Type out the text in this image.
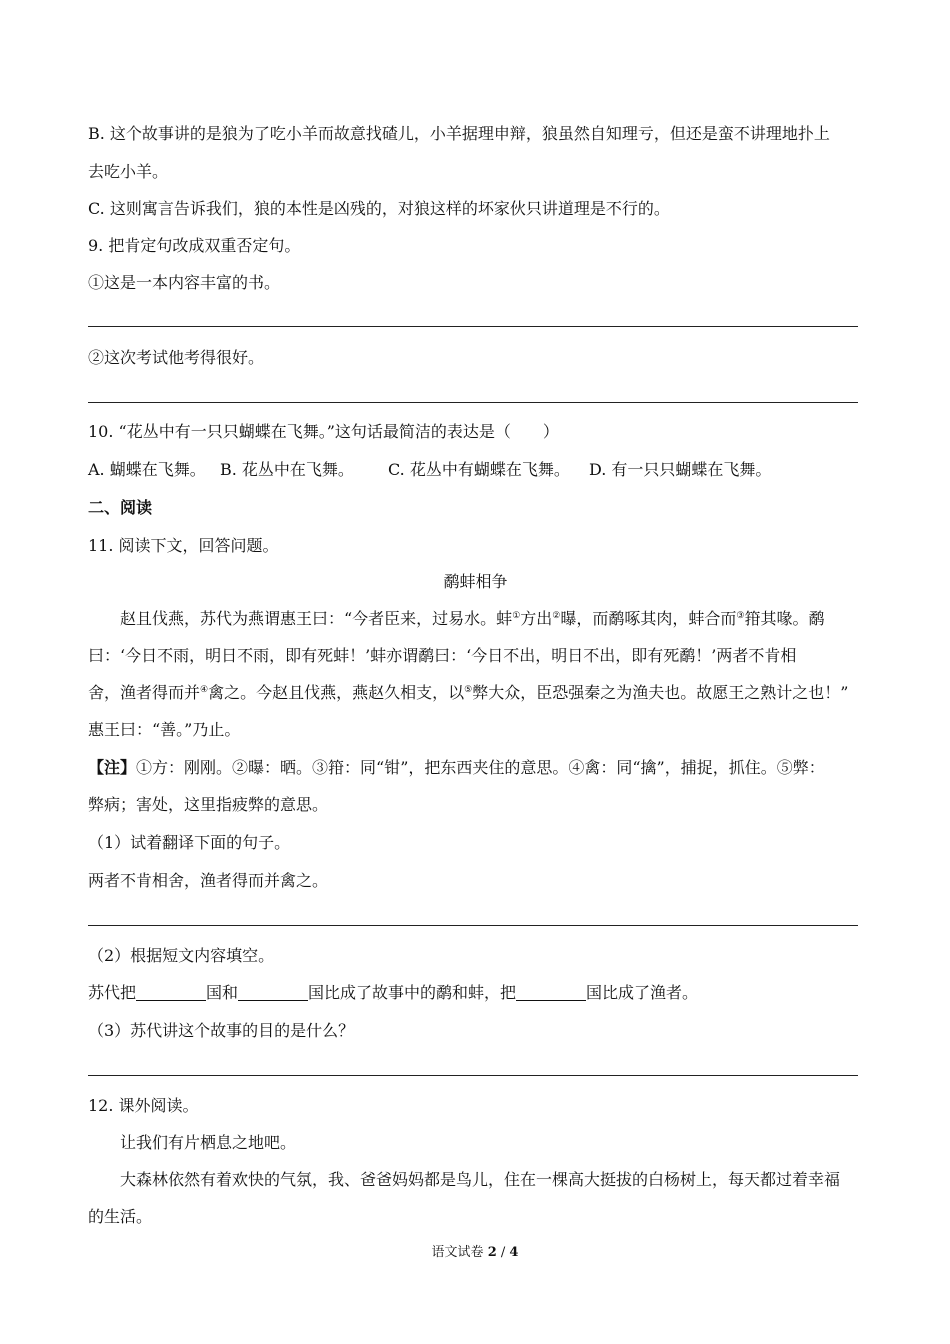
B. 这个故事讲的是狼为了吃小羊而故意找碴儿，小羊据理申辩，狼虽然自知理亏，但还是蛮不讲理地扑上
去吃小羊。
C. 这则寓言告诉我们，狼的本性是凶残的，对狼这样的坏家伙只讲道理是不行的。
9. 把肯定句改成双重否定句。
①这是一本内容丰富的书。
②这次考试他考得很好。
10. “花丛中有一只只蝴蝶在飞舞。”这句话最简洁的表达是（　　）
A. 蝴蝶在飞舞。 B. 花丛中在飞舞。 C. 花丛中有蝴蝶在飞舞。 D. 有一只只蝴蝶在飞舞。
二、阅读
11. 阅读下文，回答问题。
鹬蚌相争
赵且伐燕，苏代为燕谓惠王曰：“今者臣来，过易水。蚌①方出②曝，而鹬啄其肉，蚌合而③箝其喙。鹬
曰：‘今日不雨，明日不雨，即有死蚌！’蚌亦谓鹬曰：‘今日不出，明日不出，即有死鹬！’两者不肯相
舍，渔者得而并④禽之。今赵且伐燕，燕赵久相支，以⑤弊大众，臣恐强秦之为渔夫也。故愿王之熟计之也！”
惠王曰：“善。”乃止。
【注】①方：刚刚。②曝：晒。③箝：同“钳”，把东西夹住的意思。④禽：同“擒”，捕捉，抓住。⑤弊：
弊病；害处，这里指疲弊的意思。
（1）试着翻译下面的句子。
两者不肯相舍，渔者得而并禽之。
（2）根据短文内容填空。
苏代把	国和	国比成了故事中的鹬和蚌，把	国比成了渔者。
（3）苏代讲这个故事的目的是什么？
12. 课外阅读。
让我们有片栖息之地吧。
大森林依然有着欢快的气氛，我、爸爸妈妈都是鸟儿，住在一棵高大挺拔的白杨树上，每天都过着幸福
的生活。
语文试卷 2 / 4
